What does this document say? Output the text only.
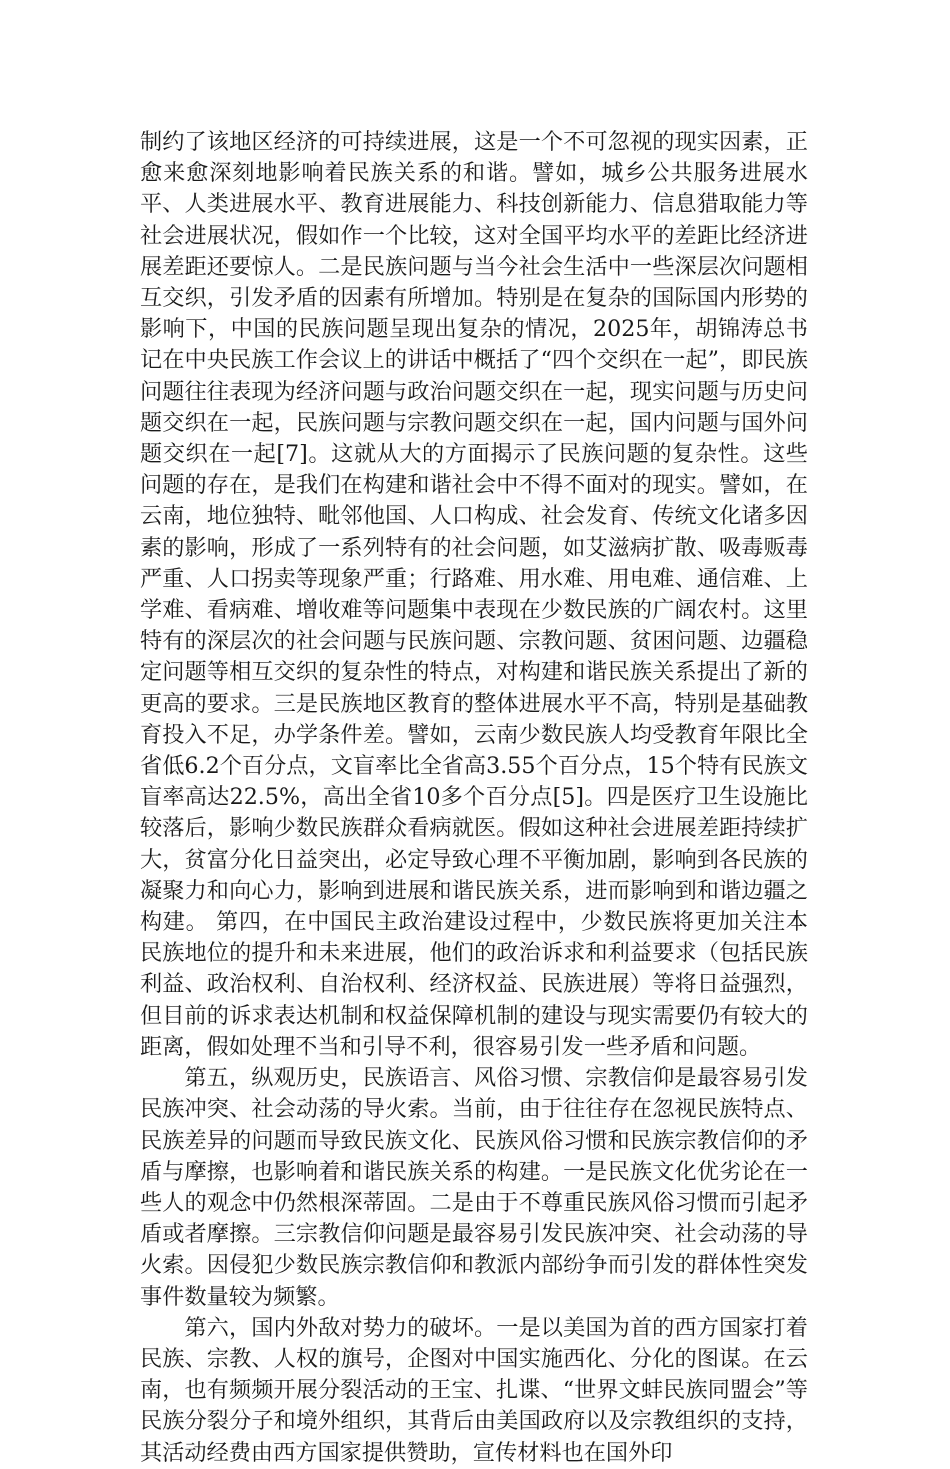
制约了该地区经济的可持续进展，这是一个不可忽视的现实因素，正愈来愈深刻地影响着民族关系的和谐。譬如，城乡公共服务进展水平、人类进展水平、教育进展能力、科技创新能力、信息猎取能力等社会进展状况，假如作一个比较，这对全国平均水平的差距比经济进展差距还要惊人。二是民族问题与当今社会生活中一些深层次问题相互交织，引发矛盾的因素有所增加。特别是在复杂的国际国内形势的影响下，中国的民族问题呈现出复杂的情况，2025年，胡锦涛总书记在中央民族工作会议上的讲话中概括了“四个交织在一起”，即民族问题往往表现为经济问题与政治问题交织在一起，现实问题与历史问题交织在一起，民族问题与宗教问题交织在一起，国内问题与国外问题交织在一起[7]。这就从大的方面揭示了民族问题的复杂性。这些问题的存在，是我们在构建和谐社会中不得不面对的现实。譬如，在云南，地位独特、毗邻他国、人口构成、社会发育、传统文化诸多因素的影响，形成了一系列特有的社会问题，如艾滋病扩散、吸毒贩毒严重、人口拐卖等现象严重；行路难、用水难、用电难、通信难、上学难、看病难、增收难等问题集中表现在少数民族的广阔农村。这里特有的深层次的社会问题与民族问题、宗教问题、贫困问题、边疆稳定问题等相互交织的复杂性的特点，对构建和谐民族关系提出了新的更高的要求。三是民族地区教育的整体进展水平不高，特别是基础教育投入不足，办学条件差。譬如，云南少数民族人均受教育年限比全省低6.2个百分点，文盲率比全省高3.55个百分点，15个特有民族文盲率高达22.5%，高出全省10多个百分点[5]。四是医疗卫生设施比较落后，影响少数民族群众看病就医。假如这种社会进展差距持续扩大，贫富分化日益突出，必定导致心理不平衡加剧，影响到各民族的凝聚力和向心力，影响到进展和谐民族关系，进而影响到和谐边疆之构建。 第四，在中国民主政治建设过程中，少数民族将更加关注本民族地位的提升和未来进展，他们的政治诉求和利益要求（包括民族利益、政治权利、自治权利、经济权益、民族进展）等将日益强烈，但目前的诉求表达机制和权益保障机制的建设与现实需要仍有较大的距离，假如处理不当和引导不利，很容易引发一些矛盾和问题。

第五，纵观历史，民族语言、风俗习惯、宗教信仰是最容易引发民族冲突、社会动荡的导火索。当前，由于往往存在忽视民族特点、民族差异的问题而导致民族文化、民族风俗习惯和民族宗教信仰的矛盾与摩擦，也影响着和谐民族关系的构建。一是民族文化优劣论在一些人的观念中仍然根深蒂固。二是由于不尊重民族风俗习惯而引起矛盾或者摩擦。三宗教信仰问题是最容易引发民族冲突、社会动荡的导火索。因侵犯少数民族宗教信仰和教派内部纷争而引发的群体性突发事件数量较为频繁。

第六，国内外敌对势力的破坏。一是以美国为首的西方国家打着民族、宗教、人权的旗号，企图对中国实施西化、分化的图谋。在云南，也有频频开展分裂活动的王宝、扎谍、“世界文蚌民族同盟会”等民族分裂分子和境外组织，其背后由美国政府以及宗教组织的支持，其活动经费由西方国家提供赞助，宣传材料也在国外印
